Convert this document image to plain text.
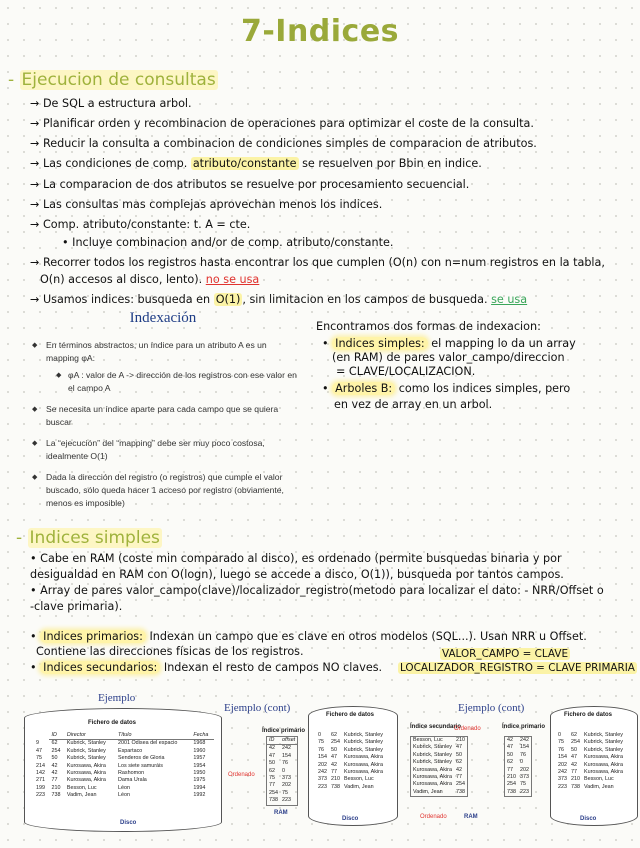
7-Indices
- Ejecucion de consultas
→ De SQL a estructura arbol.
→ Planificar orden y recombinacion de operaciones para optimizar el coste de la consulta.
→ Reducir la consulta a combinacion de condiciones simples de comparacion de atributos.
→ Las condiciones de comp. atributo/constante se resuelven por Bbin en indice.
→ La comparacion de dos atributos se resuelve por procesamiento secuencial.
→ Las consultas mas complejas aprovechan menos los indices.
→ Comp. atributo/constante: t. A = cte.
• Incluye combinacion and/or de comp. atributo/constante.
→ Recorrer todos los registros hasta encontrar los que cumplen (O(n) con n=num registros en la tabla,
O(n) accesos al disco, lento). no se usa
→ Usamos indices: busqueda en O(1) , sin limitacion en los campos de busqueda. se usa
Indexación
◆ En términos abstractos, un índice para un atributo A es un mapping φA:
◆ φA : valor de A -> dirección de los registros con ese valor en el campo A
◆ Se necesita un índice aparte para cada campo que se quiera buscar
◆ La “ejecución” del “mapping” debe ser muy poco costosa, idealmente O(1)
◆ Dada la dirección del registro (o registros) que cumple el valor buscado, sólo queda hacer 1 acceso por registro (obviamente, menos es imposible)
Encontramos dos formas de indexacion:
• Indices simples: el mapping lo da un array
(en RAM) de pares valor_campo/direccion
= CLAVE/LOCALIZACION.
• Arboles B: como los indices simples, pero
en vez de array en un arbol.
- Indices simples
• Cabe en RAM (coste min comparado al disco), es ordenado (permite busquedas binaria y por
desigualdad en RAM con O(logn), luego se accede a disco, O(1)), busqueda por tantos campos.
• Array de pares valor_campo(clave)/localizador_registro(metodo para localizar el dato: - NRR/Offset o
-clave primaria).
• Indices primarios: Indexan un campo que es clave en otros modelos (SQL...). Usan NRR u Offset.
Contiene las direcciones físicas de los registros.
• Indices secundarios: Indexan el resto de campos NO claves.
VALOR_CAMPO = CLAVE
LOCALIZADOR_REGISTRO = CLAVE PRIMARIA
Ejemplo
Fichero de datos
	ID	Director	Título	Fecha
9	62	Kubrick, Stanley	2001 Odisea del espacio	1968
47	254	Kubrick, Stanley	Espartaco	1960
75	50	Kubrick, Stanley	Senderos de Gloria	1957
214	42	Kurosawa, Akira	Los siete samuráis	1954
142	42	Kurosawa, Akira	Rashomon	1950
271	77	Kurosawa, Akira	Dama Urala	1975
199	210	Besson, Luc	Léon	1994
223	738	Vadim, Jean	Léon	1992
Disco
Ejemplo (cont)
Índice primario
ID	offset
42	242
47	154
50	76
62	0
75	373
77	202
254	75
738	223
Fichero de datos
0	62	Kubrick, Stanley
75	254	Kubrick, Stanley
76	50	Kubrick, Stanley
154	47	Kurosawa, Akira
202	42	Kurosawa, Akira
242	77	Kurosawa, Akira
373	210	Besson, Luc
223	738	Vadim, Jean
Ordenado
RAM
Disco
Ejemplo (cont)
Índice secundario
Besson, Luc	210
Kubrick, Stanley	47
Kubrick, Stanley	50
Kubrick, Stanley	62
Kurosawa, Akira	42
Kurosawa, Akira	77
Kurosawa, Akira	254
Vadim, Jean	738
Índice primario
42	242
47	154
50	76
62	0
77	202
210	373
254	75
738	223
Fichero de datos
0	62	Kubrick, Stanley
75	254	Kubrick, Stanley
76	50	Kubrick, Stanley
154	47	Kurosawa, Akira
202	42	Kurosawa, Akira
242	77	Kurosawa, Akira
373	210	Besson, Luc
223	738	Vadim, Jean
Ordenado
Ordenado	RAM	Disco
